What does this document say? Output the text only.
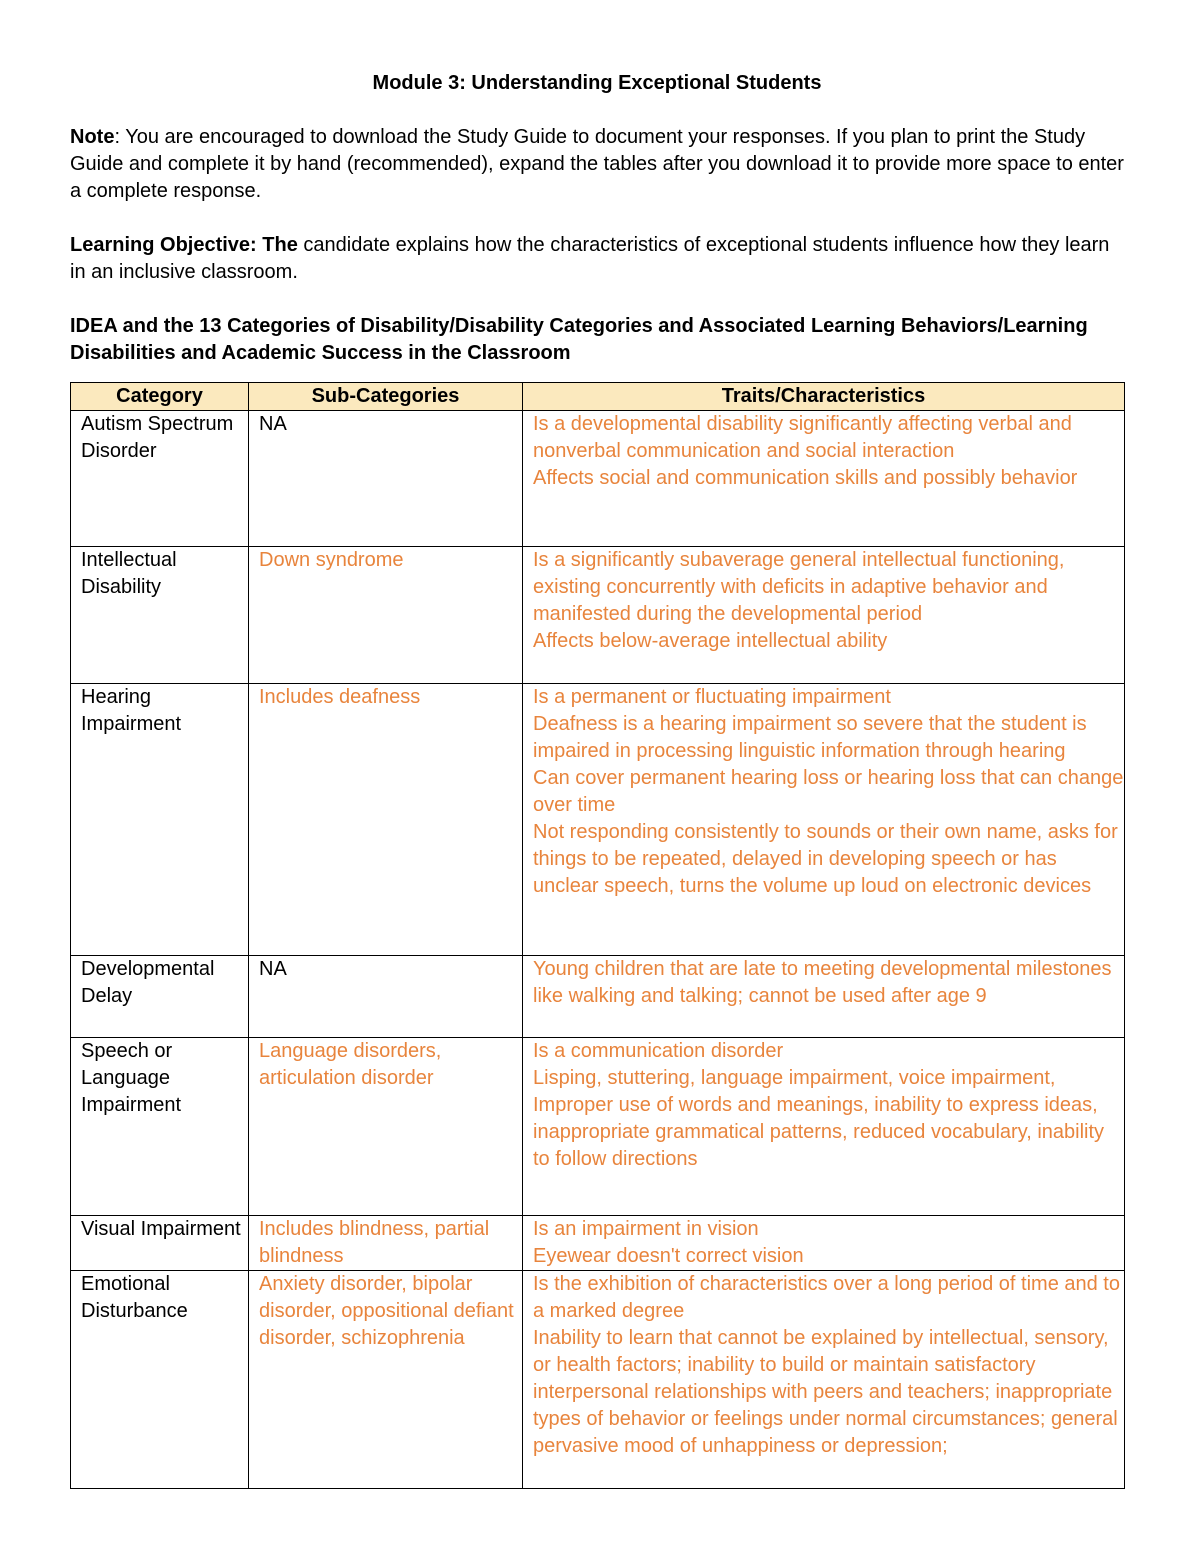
Module 3: Understanding Exceptional Students

Note: You are encouraged to download the Study Guide to document your responses. If you plan to print the Study Guide and complete it by hand (recommended), expand the tables after you download it to provide more space to enter a complete response.

Learning Objective: The candidate explains how the characteristics of exceptional students influence how they learn in an inclusive classroom.

IDEA and the 13 Categories of Disability/Disability Categories and Associated Learning Behaviors/Learning Disabilities and Academic Success in the Classroom

Category	Sub-Categories	Traits/Characteristics
Autism Spectrum Disorder	NA	Is a developmental disability significantly affecting verbal and nonverbal communication and social interaction
Affects social and communication skills and possibly behavior

Intellectual Disability	Down syndrome	Is a significantly subaverage general intellectual functioning, existing concurrently with deficits in adaptive behavior and manifested during the developmental period
Affects below-average intellectual ability

Hearing Impairment	Includes deafness	Is a permanent or fluctuating impairment
Deafness is a hearing impairment so severe that the student is impaired in processing linguistic information through hearing
Can cover permanent hearing loss or hearing loss that can change over time
Not responding consistently to sounds or their own name, asks for things to be repeated, delayed in developing speech or has unclear speech, turns the volume up loud on electronic devices

Developmental Delay	NA	Young children that are late to meeting developmental milestones like walking and talking; cannot be used after age 9

Speech or Language Impairment	Language disorders, articulation disorder	Is a communication disorder
Lisping, stuttering, language impairment, voice impairment,
Improper use of words and meanings, inability to express ideas, inappropriate grammatical patterns, reduced vocabulary, inability to follow directions

Visual Impairment	Includes blindness, partial blindness	Is an impairment in vision
Eyewear doesn't correct vision

Emotional Disturbance	Anxiety disorder, bipolar disorder, oppositional defiant disorder, schizophrenia	Is the exhibition of characteristics over a long period of time and to a marked degree
Inability to learn that cannot be explained by intellectual, sensory, or health factors; inability to build or maintain satisfactory interpersonal relationships with peers and teachers; inappropriate types of behavior or feelings under normal circumstances; general pervasive mood of unhappiness or depression;
